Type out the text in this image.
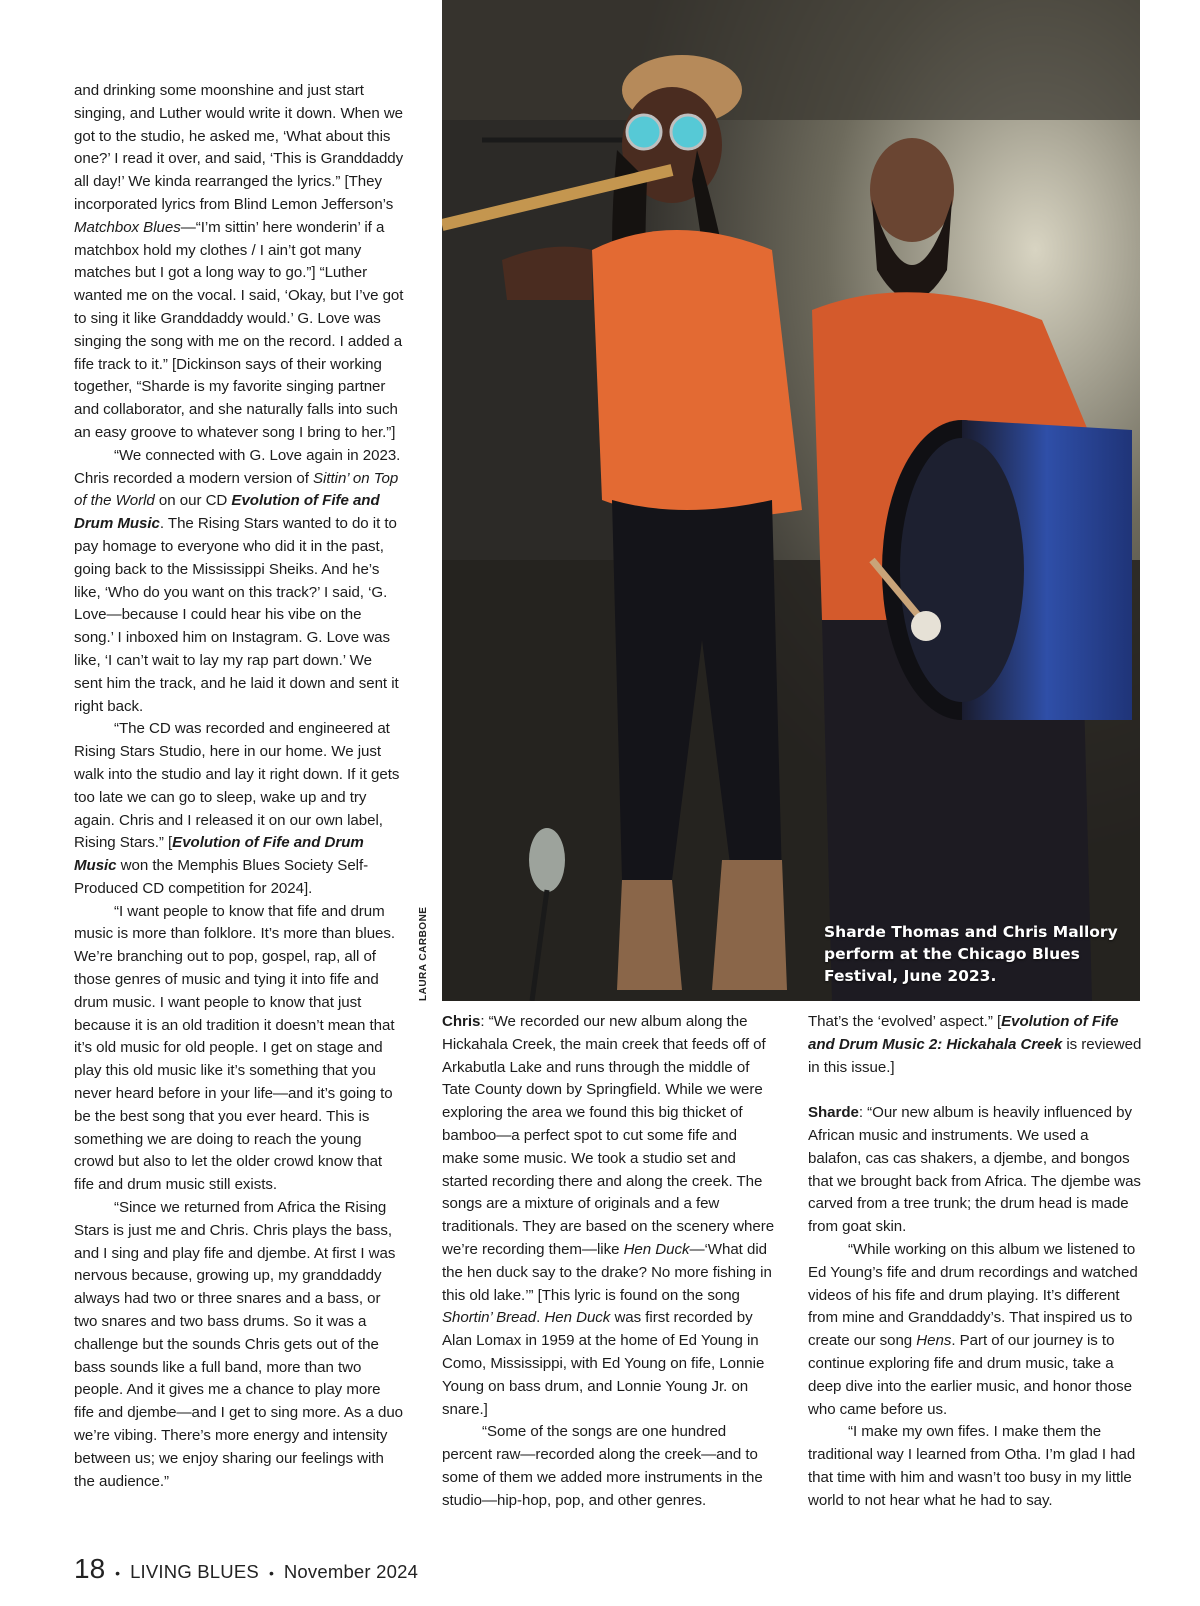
and drinking some moonshine and just start singing, and Luther would write it down. When we got to the studio, he asked me, ‘What about this one?’ I read it over, and said, ‘This is Granddaddy all day!’ We kinda rearranged the lyrics.” [They incorporated lyrics from Blind Lemon Jefferson’s Matchbox Blues—“I’m sittin’ here wonderin’ if a matchbox hold my clothes / I ain’t got many matches but I got a long way to go.”] “Luther wanted me on the vocal. I said, ‘Okay, but I’ve got to sing it like Granddaddy would.’ G. Love was singing the song with me on the record. I added a fife track to it.” [Dickinson says of their working together, “Sharde is my favorite singing partner and collaborator, and she naturally falls into such an easy groove to whatever song I bring to her.”]

“We connected with G. Love again in 2023. Chris recorded a modern version of Sittin’ on Top of the World on our CD Evolution of Fife and Drum Music. The Rising Stars wanted to do it to pay homage to everyone who did it in the past, going back to the Mississippi Sheiks. And he’s like, ‘Who do you want on this track?’ I said, ‘G. Love—because I could hear his vibe on the song.’ I inboxed him on Instagram. G. Love was like, ‘I can’t wait to lay my rap part down.’ We sent him the track, and he laid it down and sent it right back.

“The CD was recorded and engineered at Rising Stars Studio, here in our home. We just walk into the studio and lay it right down. If it gets too late we can go to sleep, wake up and try again. Chris and I released it on our own label, Rising Stars.” [Evolution of Fife and Drum Music won the Memphis Blues Society Self-Produced CD competition for 2024].

“I want people to know that fife and drum music is more than folklore. It’s more than blues. We’re branching out to pop, gospel, rap, all of those genres of music and tying it into fife and drum music. I want people to know that just because it is an old tradition it doesn’t mean that it’s old music for old people. I get on stage and play this old music like it’s something that you never heard before in your life—and it’s going to be the best song that you ever heard. This is something we are doing to reach the young crowd but also to let the older crowd know that fife and drum music still exists.

“Since we returned from Africa the Rising Stars is just me and Chris. Chris plays the bass, and I sing and play fife and djembe. At first I was nervous because, growing up, my granddaddy always had two or three snares and a bass, or two snares and two bass drums. So it was a challenge but the sounds Chris gets out of the bass sounds like a full band, more than two people. And it gives me a chance to play more fife and djembe—and I get to sing more. As a duo we’re vibing. There’s more energy and intensity between us; we enjoy sharing our feelings with the audience.”

Sharde Thomas and Chris Mallory perform at the Chicago Blues Festival, June 2023.
LAURA CARBONE

Chris: “We recorded our new album along the Hickahala Creek, the main creek that feeds off of Arkabutla Lake and runs through the middle of Tate County down by Springfield. While we were exploring the area we found this big thicket of bamboo—a perfect spot to cut some fife and make some music. We took a studio set and started recording there and along the creek. The songs are a mixture of originals and a few traditionals. They are based on the scenery where we’re recording them—like Hen Duck—‘What did the hen duck say to the drake? No more fishing in this old lake.’” [This lyric is found on the song Shortin’ Bread. Hen Duck was first recorded by Alan Lomax in 1959 at the home of Ed Young in Como, Mississippi, with Ed Young on fife, Lonnie Young on bass drum, and Lonnie Young Jr. on snare.]

“Some of the songs are one hundred percent raw—recorded along the creek—and to some of them we added more instruments in the studio—hip-hop, pop, and other genres.

That’s the ‘evolved’ aspect.” [Evolution of Fife and Drum Music 2: Hickahala Creek is reviewed in this issue.]

Sharde: “Our new album is heavily influenced by African music and instruments. We used a balafon, cas cas shakers, a djembe, and bongos that we brought back from Africa. The djembe was carved from a tree trunk; the drum head is made from goat skin.

“While working on this album we listened to Ed Young’s fife and drum recordings and watched videos of his fife and drum playing. It’s different from mine and Granddaddy’s. That inspired us to create our song Hens. Part of our journey is to continue exploring fife and drum music, take a deep dive into the earlier music, and honor those who came before us.

“I make my own fifes. I make them the traditional way I learned from Otha. I’m glad I had that time with him and wasn’t too busy in my little world to not hear what he had to say.

18 • LIVING BLUES • November 2024
